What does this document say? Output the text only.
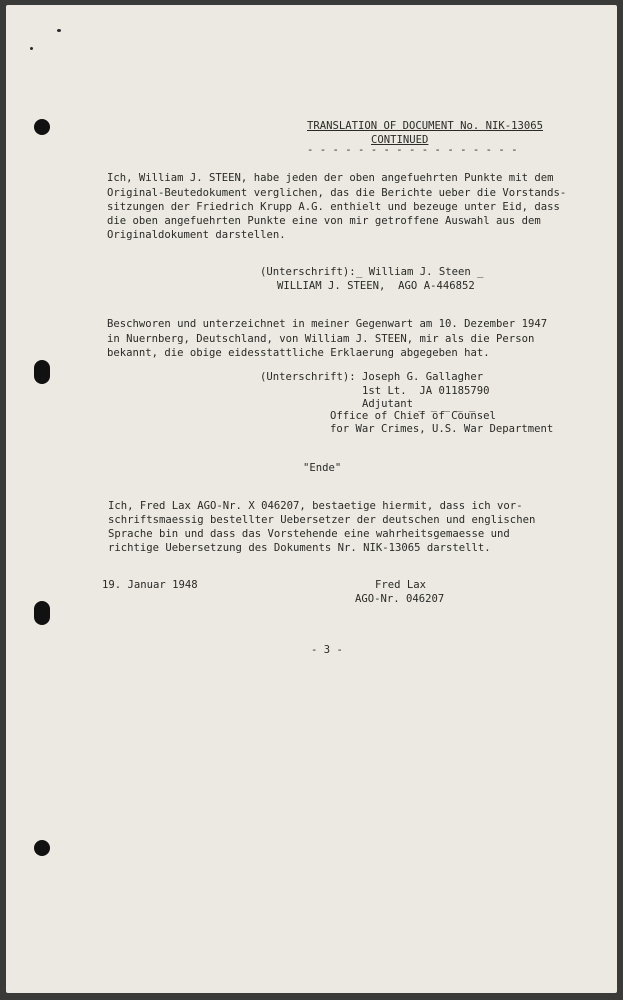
TRANSLATION OF DOCUMENT No. NIK-13065
CONTINUED
- - - - - - - - - - - - - - - - -
Ich, William J. STEEN, habe jeden der oben angefuehrten Punkte mit dem
Original-Beutedokument verglichen, das die Berichte ueber die Vorstands-
sitzungen der Friedrich Krupp A.G. enthielt und bezeuge unter Eid, dass
die oben angefuehrten Punkte eine von mir getroffene Auswahl aus dem
Originaldokument darstellen.
(Unterschrift): _ William J. Steen _
WILLIAM J. STEEN,  AGO A-446852
Beschworen und unterzeichnet in meiner Gegenwart am 10. Dezember 1947
in Nuernberg, Deutschland, von William J. STEEN, mir als die Person
bekannt, die obige eidesstattliche Erklaerung abgegeben hat.
(Unterschrift): Joseph G. Gallagher
1st Lt.  JA 01185790
Adjutant _ _ _ _ _
Office of Chief of Counsel
for War Crimes, U.S. War Department
"Ende"
Ich, Fred Lax AGO-Nr. X 046207, bestaetige hiermit, dass ich vor-
schriftsmaessig bestellter Uebersetzer der deutschen und englischen
Sprache bin und dass das Vorstehende eine wahrheitsgemaesse und
richtige Uebersetzung des Dokuments Nr. NIK-13065 darstellt.
19. Januar 1948	Fred Lax
AGO-Nr. 046207
- 3 -
